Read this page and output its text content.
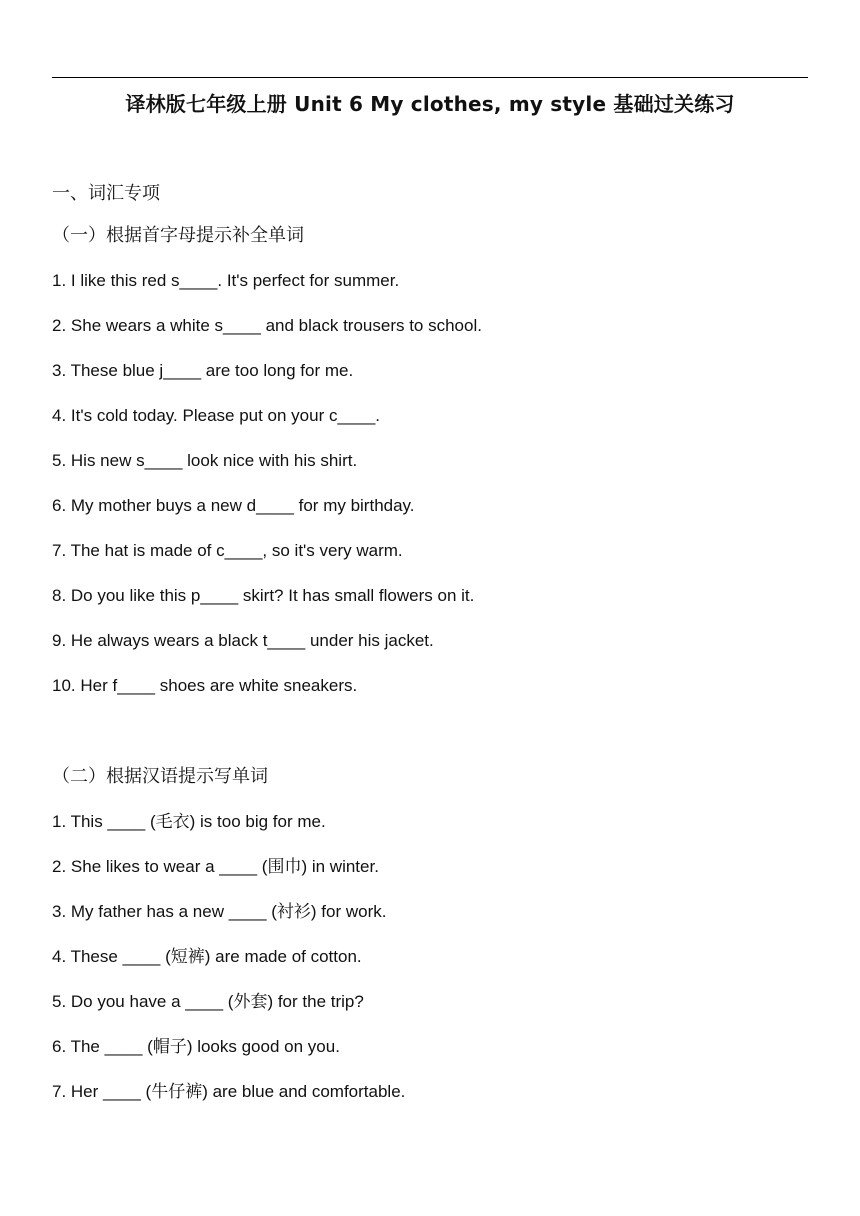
译林版七年级上册 Unit 6 My clothes, my style 基础过关练习
一、词汇专项
（一）根据首字母提示补全单词
1. I like this red s____. It's perfect for summer.
2. She wears a white s____ and black trousers to school.
3. These blue j____ are too long for me.
4. It's cold today. Please put on your c____.
5. His new s____ look nice with his shirt.
6. My mother buys a new d____ for my birthday.
7. The hat is made of c____, so it's very warm.
8. Do you like this p____ skirt? It has small flowers on it.
9. He always wears a black t____ under his jacket.
10. Her f____ shoes are white sneakers.
（二）根据汉语提示写单词
1. This ____ (毛衣) is too big for me.
2. She likes to wear a ____ (围巾) in winter.
3. My father has a new ____ (衬衫) for work.
4. These ____ (短裤) are made of cotton.
5. Do you have a ____ (外套) for the trip?
6. The ____ (帽子) looks good on you.
7. Her ____ (牛仔裤) are blue and comfortable.
